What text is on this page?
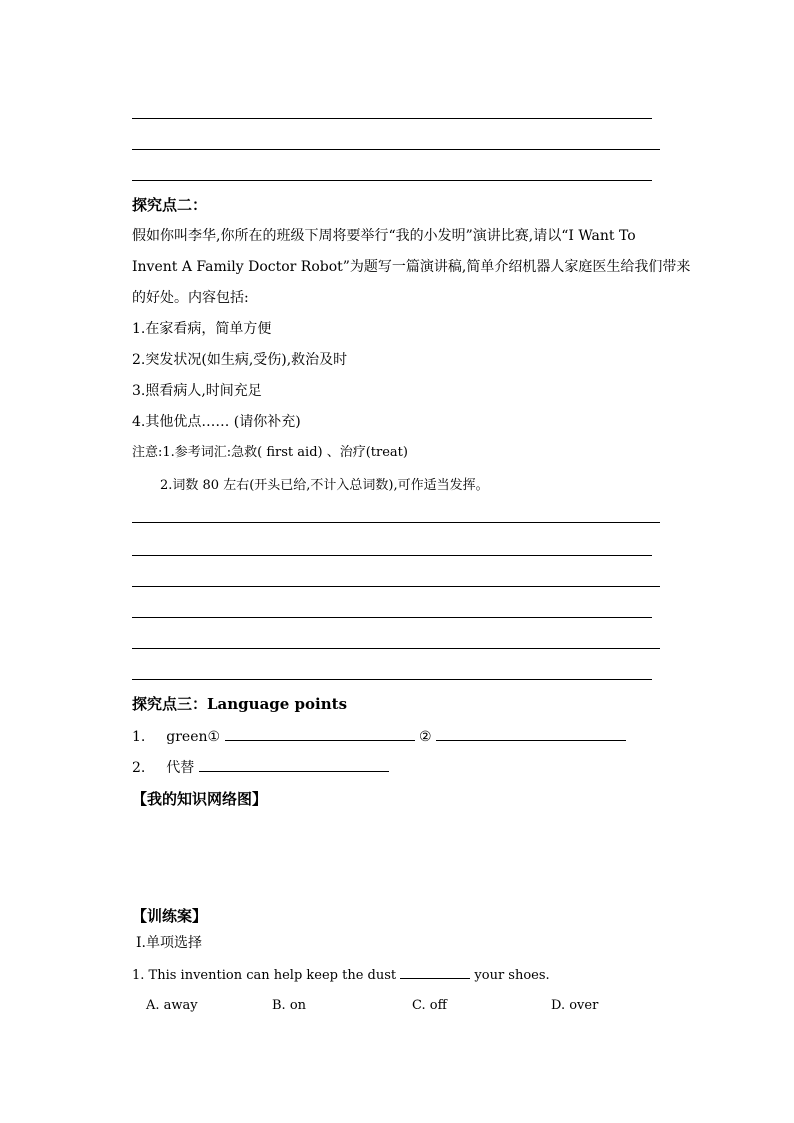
探究点二：
假如你叫李华,你所在的班级下周将要举行“我的小发明”演讲比赛,请以“I Want To
Invent A Family Doctor Robot”为题写一篇演讲稿,简单介绍机器人家庭医生给我们带来
的好处。内容包括:
1.在家看病，简单方便
2.突发状况(如生病,受伤),救治及时
3.照看病人,时间充足
4.其他优点…… (请你补充)
注意:1.参考词汇:急救( first aid) 、治疗(treat)
2.词数 80 左右(开头已给,不计入总词数),可作适当发挥。
探究点三：Language points
1. green①	②
2. 代替
【我的知识网络图】
【训练案】
Ⅰ.单项选择
1. This invention can help keep the dust	your shoes.
A. away	B. on	C. off	D. over
